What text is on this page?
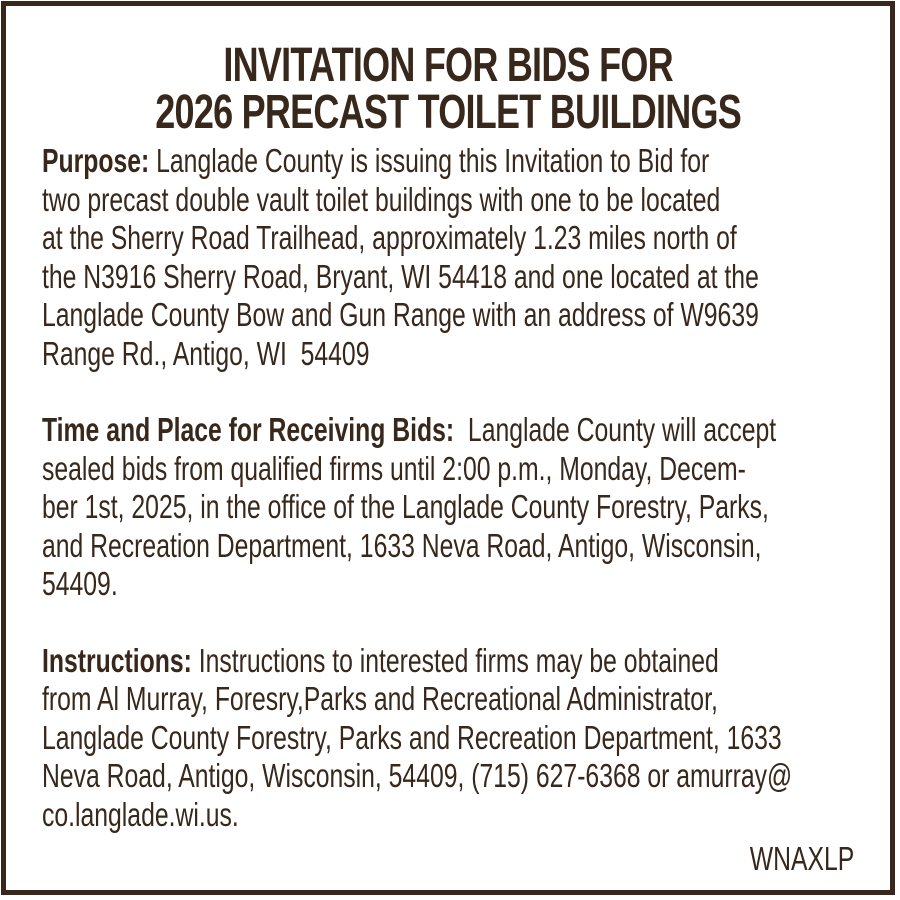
INVITATION FOR BIDS FOR
2026 PRECAST TOILET BUILDINGS

Purpose: Langlade County is issuing this Invitation to Bid for
two precast double vault toilet buildings with one to be located
at the Sherry Road Trailhead, approximately 1.23 miles north of
the N3916 Sherry Road, Bryant, WI 54418 and one located at the
Langlade County Bow and Gun Range with an address of W9639
Range Rd., Antigo, WI  54409

Time and Place for Receiving Bids:  Langlade County will accept
sealed bids from qualified firms until 2:00 p.m., Monday, Decem-
ber 1st, 2025, in the office of the Langlade County Forestry, Parks,
and Recreation Department, 1633 Neva Road, Antigo, Wisconsin,
54409.

Instructions: Instructions to interested firms may be obtained
from Al Murray, Foresry,Parks and Recreational Administrator,
Langlade County Forestry, Parks and Recreation Department, 1633
Neva Road, Antigo, Wisconsin, 54409, (715) 627-6368 or amurray@
co.langlade.wi.us.

WNAXLP
